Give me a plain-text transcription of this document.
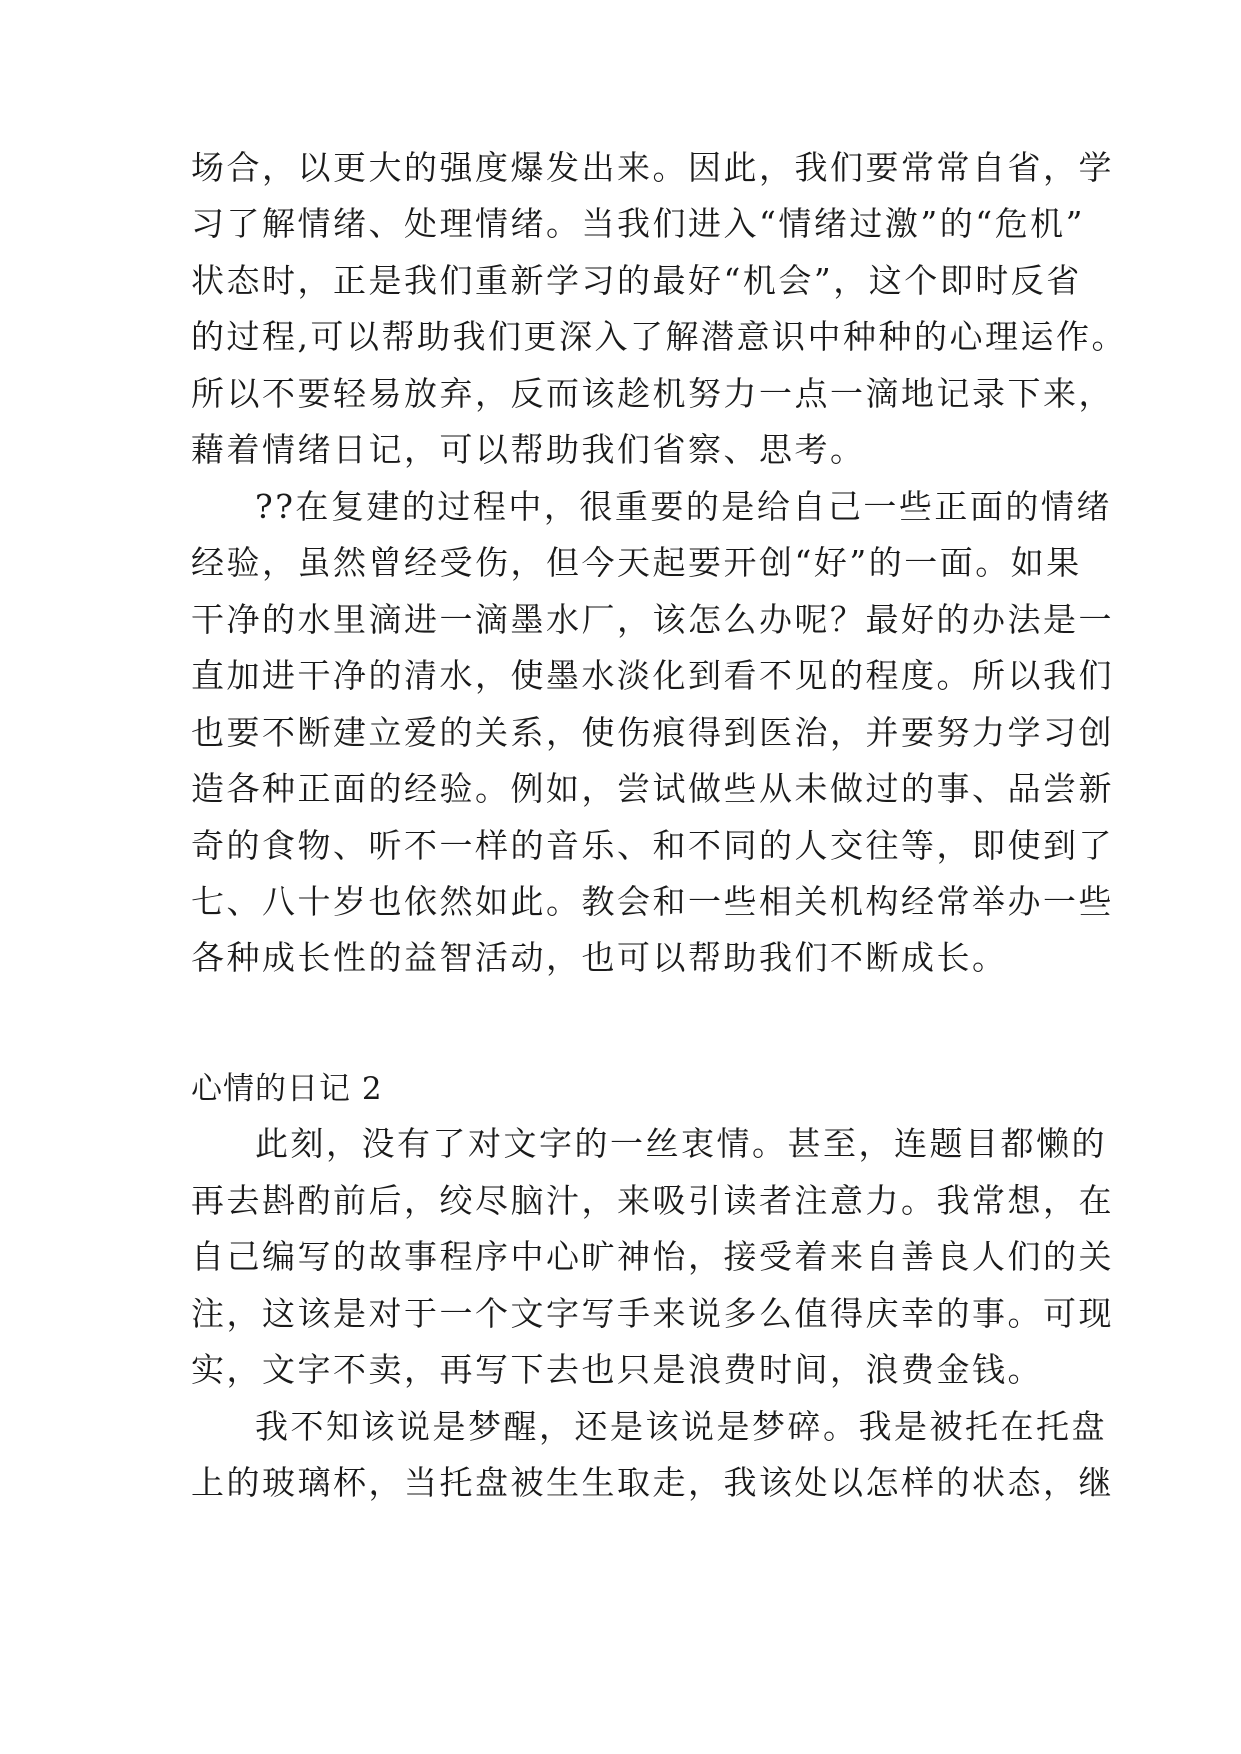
场合，以更大的强度爆发出来。因此，我们要常常自省，学
习了解情绪、处理情绪。当我们进入“情绪过激”的“危机”
状态时，正是我们重新学习的最好“机会”，这个即时反省
的过程,可以帮助我们更深入了解潜意识中种种的心理运作。
所以不要轻易放弃，反而该趁机努力一点一滴地记录下来，
藉着情绪日记，可以帮助我们省察、思考。
??在复建的过程中，很重要的是给自己一些正面的情绪
经验，虽然曾经受伤，但今天起要开创“好”的一面。如果
干净的水里滴进一滴墨水厂，该怎么办呢？最好的办法是一
直加进干净的清水，使墨水淡化到看不见的程度。所以我们
也要不断建立爱的关系，使伤痕得到医治，并要努力学习创
造各种正面的经验。例如，尝试做些从未做过的事、品尝新
奇的食物、听不一样的音乐、和不同的人交往等，即使到了
七、八十岁也依然如此。教会和一些相关机构经常举办一些
各种成长性的益智活动，也可以帮助我们不断成长。
心情的日记 2
此刻，没有了对文字的一丝衷情。甚至，连题目都懒的
再去斟酌前后，绞尽脑汁，来吸引读者注意力。我常想，在
自己编写的故事程序中心旷神怡，接受着来自善良人们的关
注，这该是对于一个文字写手来说多么值得庆幸的事。可现
实，文字不卖，再写下去也只是浪费时间，浪费金钱。
我不知该说是梦醒，还是该说是梦碎。我是被托在托盘
上的玻璃杯，当托盘被生生取走，我该处以怎样的状态，继
